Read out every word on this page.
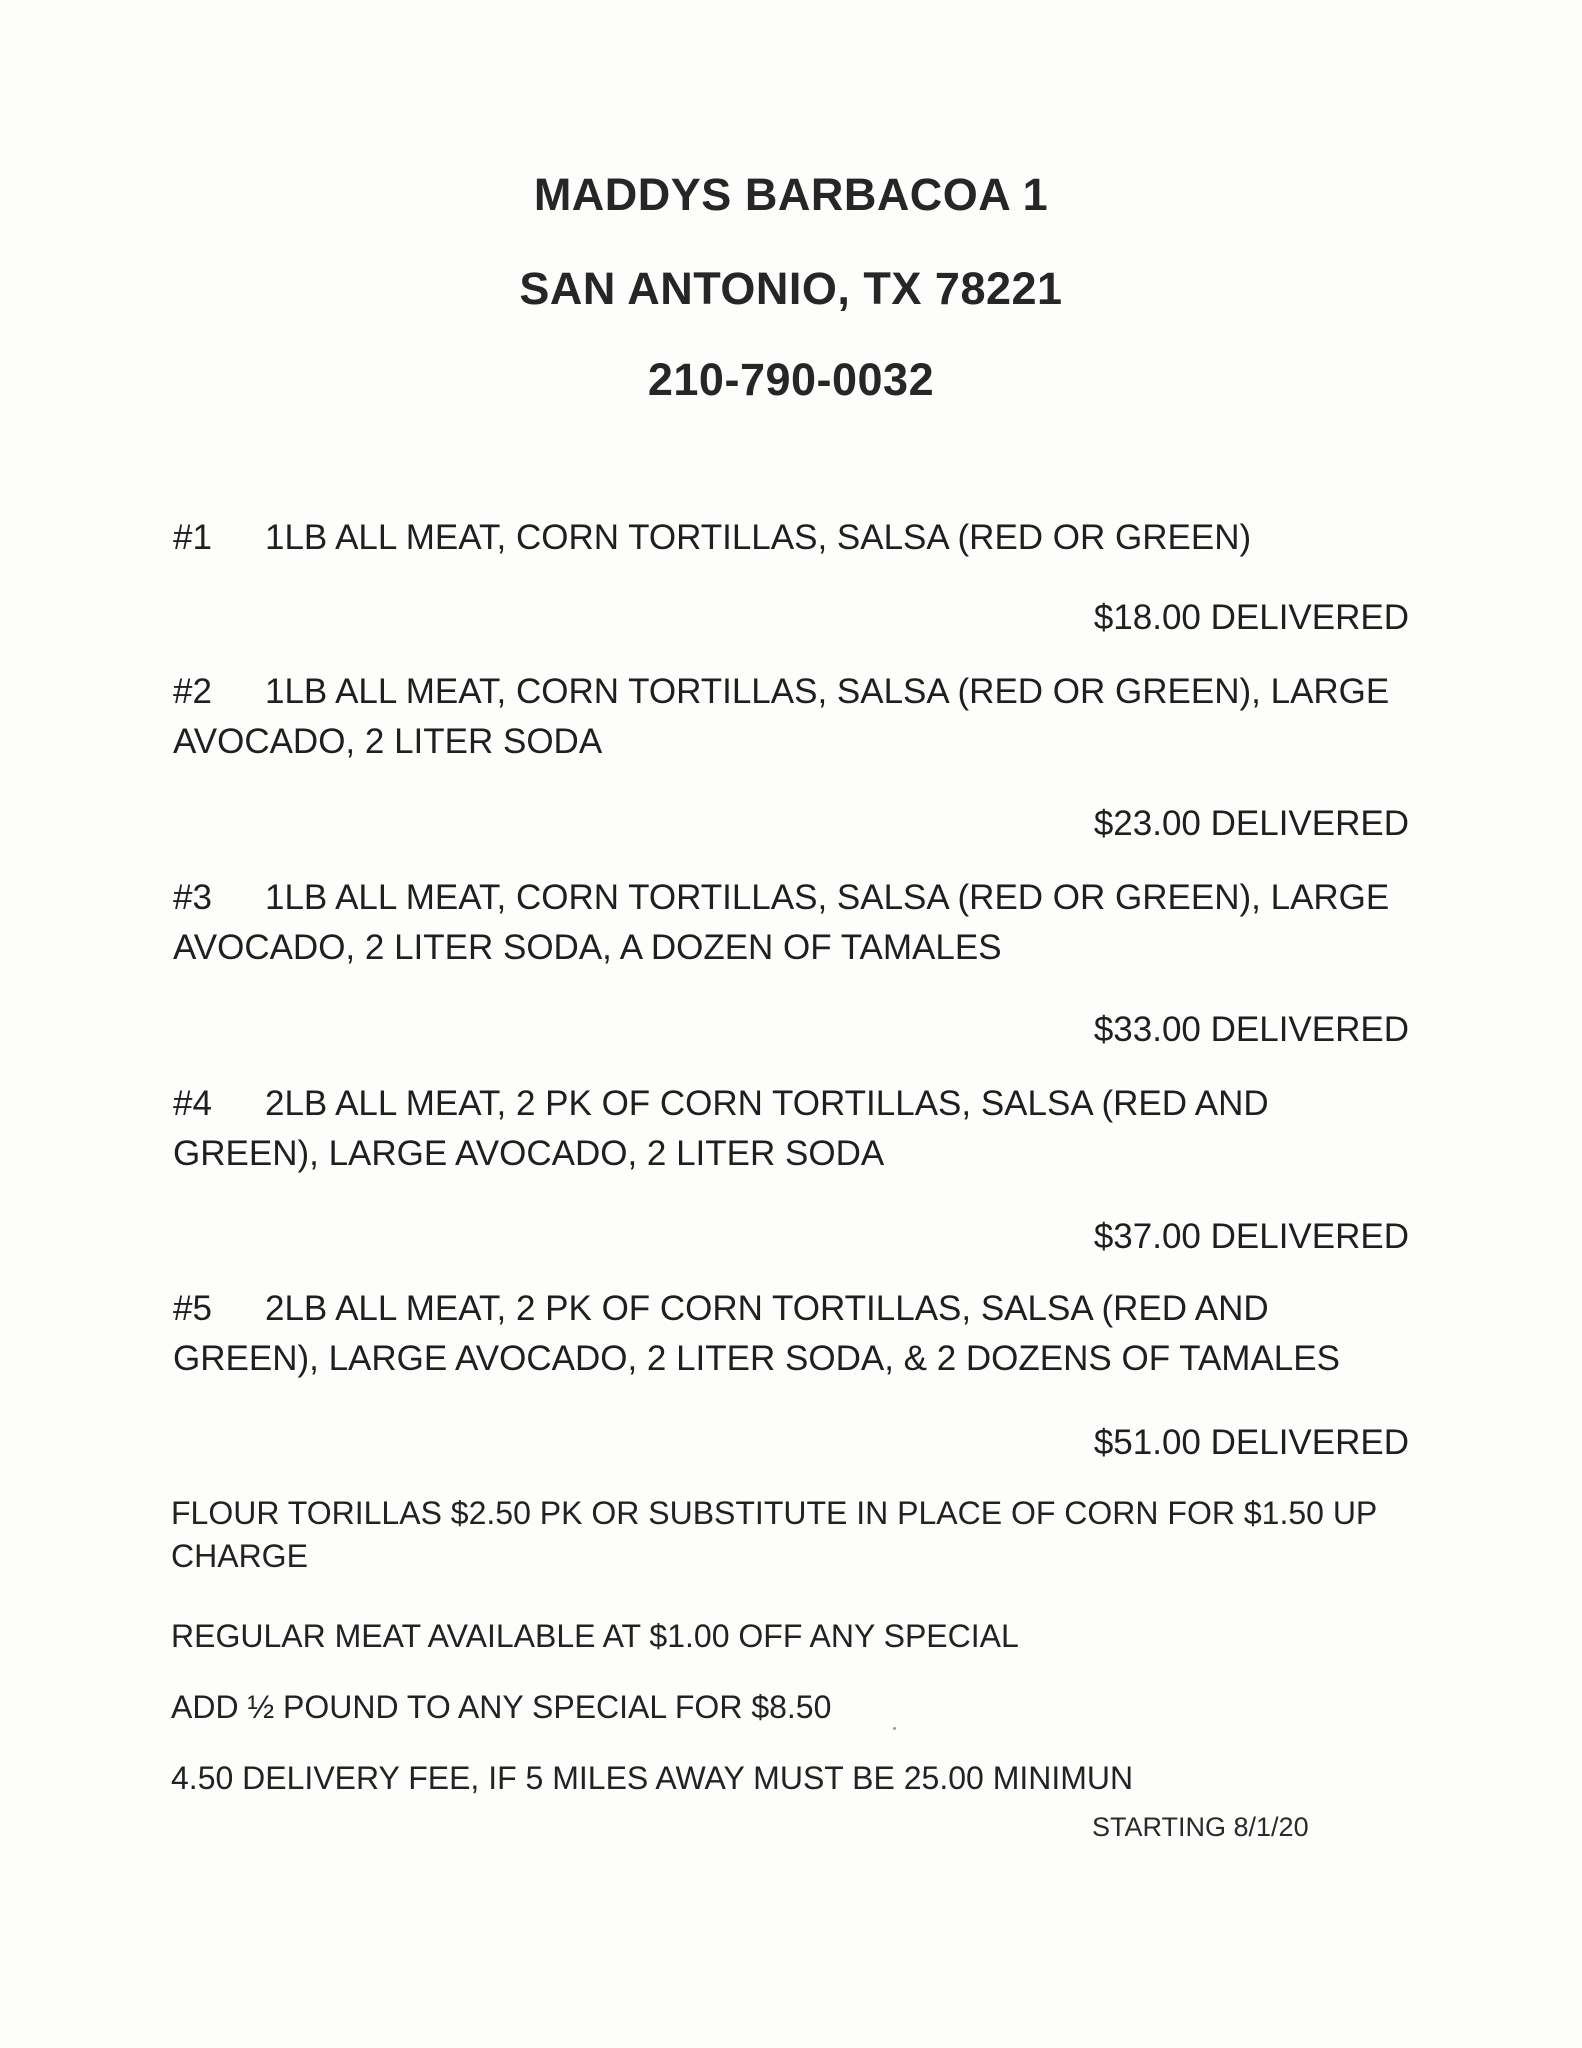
MADDYS BARBACOA 1
SAN ANTONIO, TX 78221
210-790-0032
#1 1LB ALL MEAT, CORN TORTILLAS, SALSA (RED OR GREEN)
$18.00 DELIVERED
#2 1LB ALL MEAT, CORN TORTILLAS, SALSA (RED OR GREEN), LARGE
AVOCADO, 2 LITER SODA
$23.00 DELIVERED
#3 1LB ALL MEAT, CORN TORTILLAS, SALSA (RED OR GREEN), LARGE
AVOCADO, 2 LITER SODA, A DOZEN OF TAMALES
$33.00 DELIVERED
#4 2LB ALL MEAT, 2 PK OF CORN TORTILLAS, SALSA (RED AND
GREEN), LARGE AVOCADO, 2 LITER SODA
$37.00 DELIVERED
#5 2LB ALL MEAT, 2 PK OF CORN TORTILLAS, SALSA (RED AND
GREEN), LARGE AVOCADO, 2 LITER SODA, & 2 DOZENS OF TAMALES
$51.00 DELIVERED
FLOUR TORILLAS $2.50 PK OR SUBSTITUTE IN PLACE OF CORN FOR $1.50 UP
CHARGE
REGULAR MEAT AVAILABLE AT $1.00 OFF ANY SPECIAL
ADD ½ POUND TO ANY SPECIAL FOR $8.50
4.50 DELIVERY FEE, IF 5 MILES AWAY MUST BE 25.00 MINIMUN
STARTING 8/1/20
